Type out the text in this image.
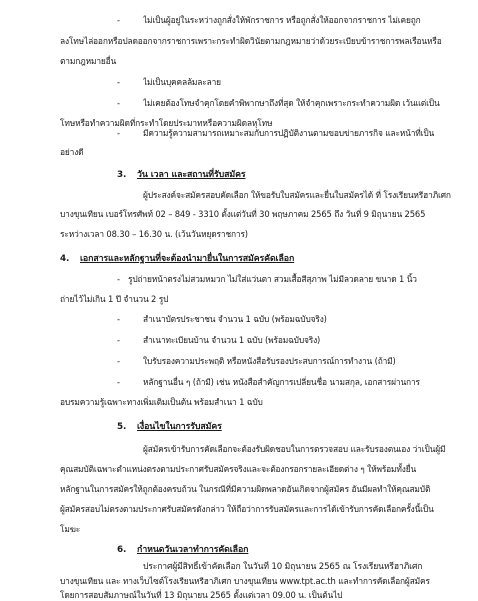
-	ไม่เป็นผู้อยู่ในระหว่างถูกสั่งให้พักราชการ หรือถูกสั่งให้ออกจากราชการ ไม่เคยถูก
ลงโทษไล่ออกหรือปลดออกจากราชการเพราะกระทำผิดวินัยตามกฎหมายว่าด้วยระเบียบข้าราชการพลเรือนหรือ
ตามกฎหมายอื่น
-	ไม่เป็นบุคคลล้มละลาย
-	ไม่เคยต้องโทษจำคุกโดยคำพิพากษาถึงที่สุด ให้จำคุกเพราะกระทำความผิด เว้นแต่เป็น
โทษหรือทำความผิดที่กระทำโดยประมาทหรือความผิดลหุโทษ
-	มีความรู้ความสามารถเหมาะสมกับการปฏิบัติงานตามขอบข่ายภารกิจ และหน้าที่เป็น
อย่างดี
3. วัน เวลา และสถานที่รับสมัคร
ผู้ประสงค์จะสมัครสอบคัดเลือก ให้ขอรับใบสมัครและยื่นใบสมัครได้ ที่ โรงเรียนหรีฮาภิเศก
บางขุนเทียน เบอร์โทรศัพท์ 02 – 849 - 3310 ตั้งแต่วันที่ 30 พฤษภาคม 2565 ถึง วันที่ 9 มิถุนายน 2565
ระหว่างเวลา 08.30 – 16.30 น. (เว้นวันหยุดราชการ)
4. เอกสารและหลักฐานที่จะต้องนำมายื่นในการสมัครคัดเลือก
- รูปถ่ายหน้าตรงไม่สวมหมวก ไม่ใส่แว่นตา สวมเสื้อสีสุภาพ ไม่มีลวดลาย ขนาด 1 นิ้ว
ถ่ายไว้ไม่เกิน 1 ปี จำนวน 2 รูป
-	สำเนาบัตรประชาชน จำนวน 1 ฉบับ (พร้อมฉบับจริง)
-	สำเนาทะเบียนบ้าน จำนวน 1 ฉบับ (พร้อมฉบับจริง)
-	ใบรับรองความประพฤติ หรือหนังสือรับรองประสบการณ์การทำงาน (ถ้ามี)
-	หลักฐานอื่น ๆ (ถ้ามี) เช่น หนังสือสำคัญการเปลี่ยนชื่อ นามสกุล, เอกสารผ่านการ
อบรมความรู้เฉพาะทางเพิ่มเติมเป็นต้น พร้อมสำเนา 1 ฉบับ
5. เงื่อนไขในการรับสมัคร
ผู้สมัครเข้ารับการคัดเลือกจะต้องรับผิดชอบในการตรวจสอบ และรับรองตนเอง ว่าเป็นผู้มี
คุณสมบัติเฉพาะตำแหน่งตรงตามประกาศรับสมัครจริงและจะต้องกรอกรายละเอียดต่าง ๆ ให้พร้อมทั้งยื่น
หลักฐานในการสมัครให้ถูกต้องครบถ้วน ในกรณีที่มีความผิดพลาดอันเกิดจากผู้สมัคร อันมีผลทำให้คุณสมบัติ
ผู้สมัครสอบไม่ตรงตามประกาศรับสมัครดังกล่าว ให้ถือว่าการรับสมัครและการได้เข้ารับการคัดเลือกครั้งนี้เป็น
โมฆะ
6. กำหนดวันเวลาทำการคัดเลือก
ประกาศผู้มีสิทธิ์เข้าคัดเลือก ในวันที่ 10 มิถุนายน 2565 ณ โรงเรียนหรีฮาภิเศก
บางขุนเทียน และ ทางเว็บไซต์โรงเรียนหรีฮาภิเศก บางขุนเทียน www.tpt.ac.th และทำการคัดเลือกผู้สมัคร
โดยการสอบสัมภาษณ์ในวันที่ 13 มิถุนายน 2565 ตั้งแต่เวลา 09.00 น. เป็นต้นไป
